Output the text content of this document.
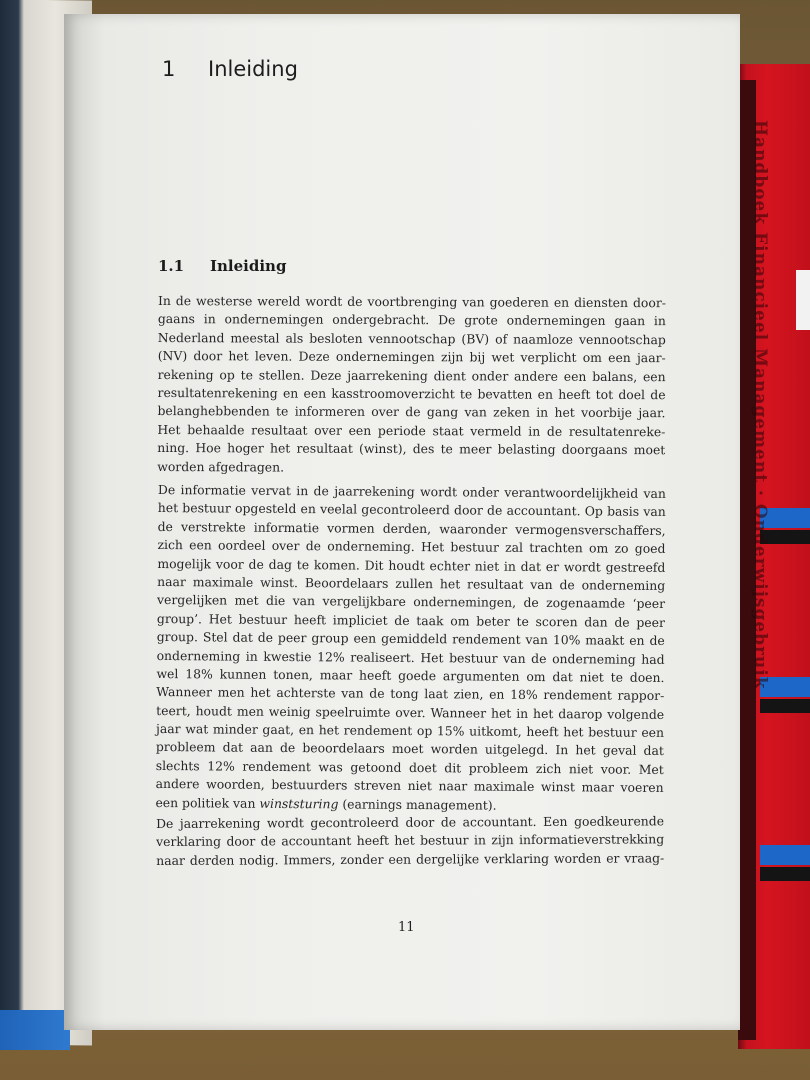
Handboek Financieel Management · Onderwijsgebruik
1 Inleiding
1.1 Inleiding
In de westerse wereld wordt de voortbrenging van goederen en diensten door-
gaans in ondernemingen ondergebracht. De grote ondernemingen gaan in
Nederland meestal als besloten vennootschap (BV) of naamloze vennootschap
(NV) door het leven. Deze ondernemingen zijn bij wet verplicht om een jaar-
rekening op te stellen. Deze jaarrekening dient onder andere een balans, een
resultatenrekening en een kasstroomoverzicht te bevatten en heeft tot doel de
belanghebbenden te informeren over de gang van zeken in het voorbije jaar.
Het behaalde resultaat over een periode staat vermeld in de resultatenreke-
ning. Hoe hoger het resultaat (winst), des te meer belasting doorgaans moet
worden afgedragen.
De informatie vervat in de jaarrekening wordt onder verantwoordelijkheid van
het bestuur opgesteld en veelal gecontroleerd door de accountant. Op basis van
de verstrekte informatie vormen derden, waaronder vermogensverschaffers,
zich een oordeel over de onderneming. Het bestuur zal trachten om zo goed
mogelijk voor de dag te komen. Dit houdt echter niet in dat er wordt gestreefd
naar maximale winst. Beoordelaars zullen het resultaat van de onderneming
vergelijken met die van vergelijkbare ondernemingen, de zogenaamde ‘peer
group’. Het bestuur heeft impliciet de taak om beter te scoren dan de peer
group. Stel dat de peer group een gemiddeld rendement van 10% maakt en de
onderneming in kwestie 12% realiseert. Het bestuur van de onderneming had
wel 18% kunnen tonen, maar heeft goede argumenten om dat niet te doen.
Wanneer men het achterste van de tong laat zien, en 18% rendement rappor-
teert, houdt men weinig speelruimte over. Wanneer het in het daarop volgende
jaar wat minder gaat, en het rendement op 15% uitkomt, heeft het bestuur een
probleem dat aan de beoordelaars moet worden uitgelegd. In het geval dat
slechts 12% rendement was getoond doet dit probleem zich niet voor. Met
andere woorden, bestuurders streven niet naar maximale winst maar voeren
een politiek van winststuring (earnings management).
De jaarrekening wordt gecontroleerd door de accountant. Een goedkeurende
verklaring door de accountant heeft het bestuur in zijn informatieverstrekking
naar derden nodig. Immers, zonder een dergelijke verklaring worden er vraag-

11
